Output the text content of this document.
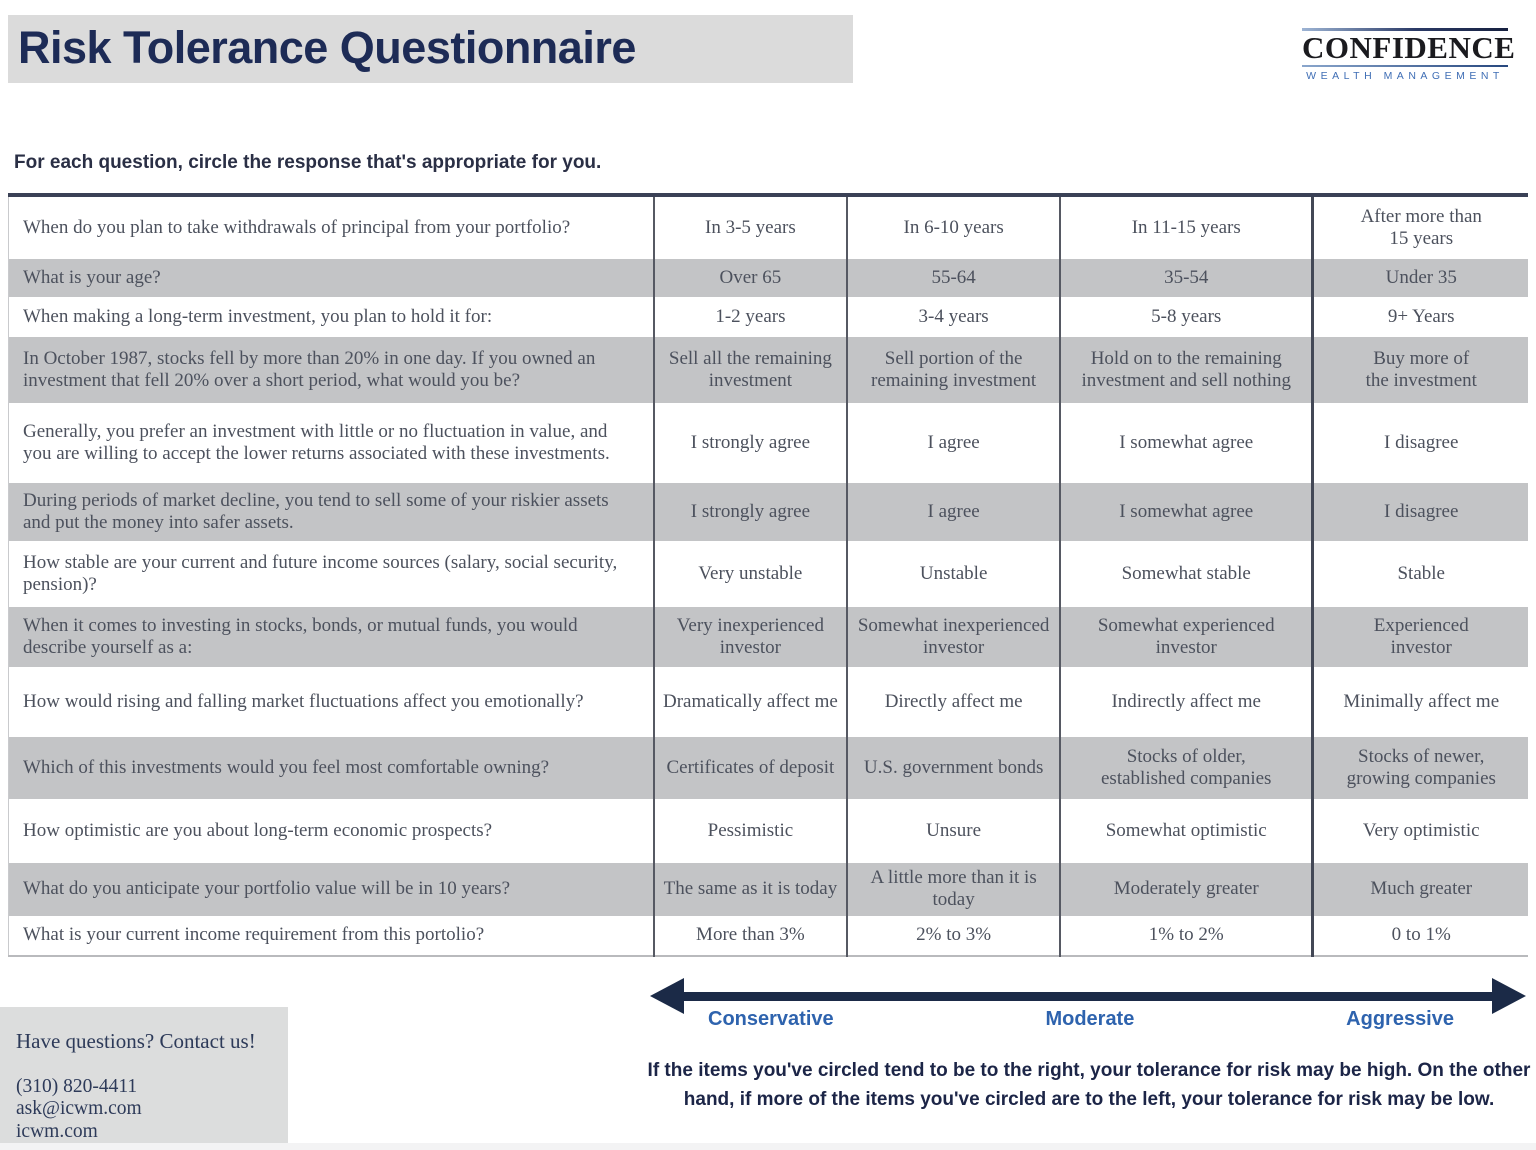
Risk Tolerance Questionnaire	CONFIDENCE
WEALTH MANAGEMENT
For each question, circle the response that's appropriate for you.
When do you plan to take withdrawals of principal from your portfolio?	In 3-5 years	In 6-10 years	In 11-15 years	After more than
15 years
What is your age?	Over 65	55-64	35-54	Under 35
When making a long-term investment, you plan to hold it for:	1-2 years	3-4 years	5-8 years	9+ Years
In October 1987, stocks fell by more than 20% in one day. If you owned an investment that fell 20% over a short period, what would you be?	Sell all the remaining investment	Sell portion of the remaining investment	Hold on to the remaining investment and sell nothing	Buy more of
the investment
Generally, you prefer an investment with little or no fluctuation in value, and you are willing to accept the lower returns associated with these investments.	I strongly agree	I agree	I somewhat agree	I disagree
During periods of market decline, you tend to sell some of your riskier assets and put the money into safer assets.	I strongly agree	I agree	I somewhat agree	I disagree
How stable are your current and future income sources (salary, social security, pension)?	Very unstable	Unstable	Somewhat stable	Stable
When it comes to investing in stocks, bonds, or mutual funds, you would describe yourself as a:	Very inexperienced investor	Somewhat inexperienced investor	Somewhat experienced investor	Experienced
investor
How would rising and falling market fluctuations affect you emotionally?	Dramatically affect me	Directly affect me	Indirectly affect me	Minimally affect me
Which of this investments would you feel most comfortable owning?	Certificates of deposit	U.S. government bonds	Stocks of older,
established companies	Stocks of newer,
growing companies
How optimistic are you about long-term economic prospects?	Pessimistic	Unsure	Somewhat optimistic	Very optimistic
What do you anticipate your portfolio value will be in 10 years?	The same as it is today	A little more than it is today	Moderately greater	Much greater
What is your current income requirement from this portolio?	More than 3%	2% to 3%	1% to 2%	0 to 1%
Conservative	Moderate	Aggressive
If the items you've circled tend to be to the right, your tolerance for risk may be high. On the other hand, if more of the items you've circled are to the left, your tolerance for risk may be low.

Have questions? Contact us!

(310) 820-4411
ask@icwm.com
icwm.com
